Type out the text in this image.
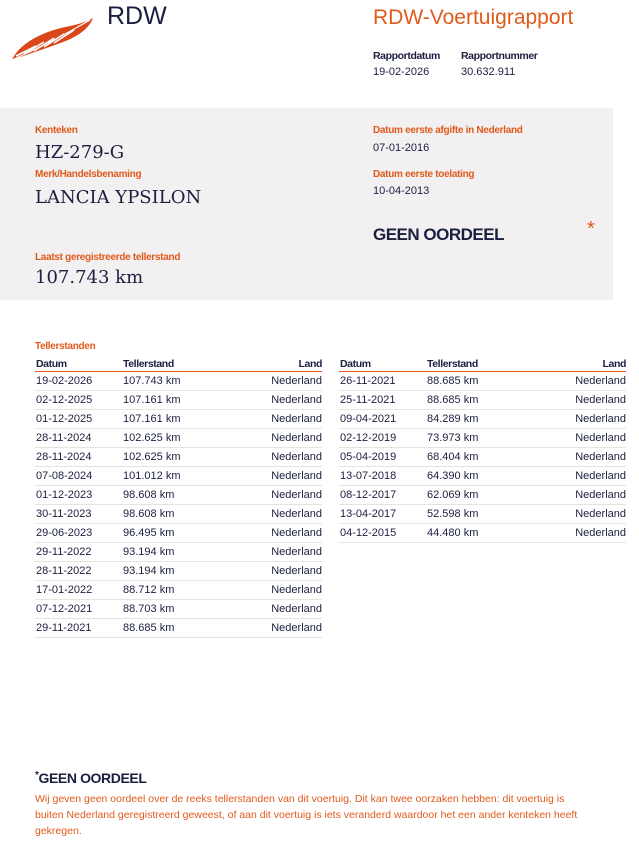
RDW	RDW-Voertuigrapport
Rapportdatum
19-02-2026
Rapportnummer
30.632.911
Kenteken
HZ-279-G
Merk/Handelsbenaming
LANCIA YPSILON
Datum eerste afgifte in Nederland
07-01-2016
Datum eerste toelating
10-04-2013
GEEN OORDEEL	*
Laatst geregistreerde tellerstand
107.743 km
Tellerstanden
Datum	Tellerstand	Land
19-02-2026	107.743 km	Nederland
02-12-2025	107.161 km	Nederland
01-12-2025	107.161 km	Nederland
28-11-2024	102.625 km	Nederland
28-11-2024	102.625 km	Nederland
07-08-2024	101.012 km	Nederland
01-12-2023	98.608 km	Nederland
30-11-2023	98.608 km	Nederland
29-06-2023	96.495 km	Nederland
29-11-2022	93.194 km	Nederland
28-11-2022	93.194 km	Nederland
17-01-2022	88.712 km	Nederland
07-12-2021	88.703 km	Nederland
29-11-2021	88.685 km	Nederland
Datum	Tellerstand	Land
26-11-2021	88.685 km	Nederland
25-11-2021	88.685 km	Nederland
09-04-2021	84.289 km	Nederland
02-12-2019	73.973 km	Nederland
05-04-2019	68.404 km	Nederland
13-07-2018	64.390 km	Nederland
08-12-2017	62.069 km	Nederland
13-04-2017	52.598 km	Nederland
04-12-2015	44.480 km	Nederland
*GEEN OORDEEL
Wij geven geen oordeel over de reeks tellerstanden van dit voertuig. Dit kan twee oorzaken hebben: dit voertuig is buiten Nederland geregistreerd geweest, of aan dit voertuig is iets veranderd waardoor het een ander kenteken heeft gekregen.
